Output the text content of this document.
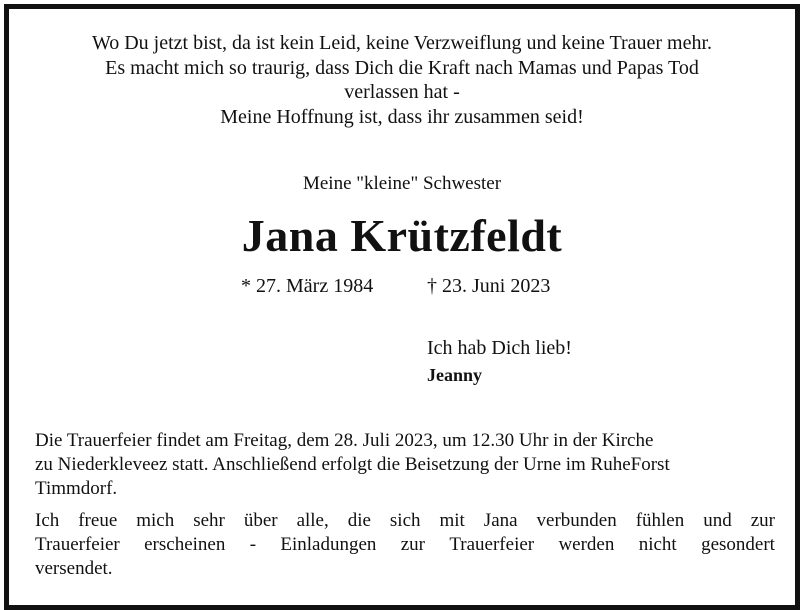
Wo Du jetzt bist, da ist kein Leid, keine Verzweiflung und keine Trauer mehr.
Es macht mich so traurig, dass Dich die Kraft nach Mamas und Papas Tod
verlassen hat -
Meine Hoffnung ist, dass ihr zusammen seid!
Meine "kleine" Schwester
Jana Krützfeldt
* 27. März 1984	† 23. Juni 2023
Ich hab Dich lieb!
Jeanny
Die Trauerfeier findet am Freitag, dem 28. Juli 2023, um 12.30 Uhr in der Kirche
zu Niederkleveez statt. Anschließend erfolgt die Beisetzung der Urne im RuheForst
Timmdorf.
Ich freue mich sehr über alle, die sich mit Jana verbunden fühlen und zur
Trauerfeier erscheinen - Einladungen zur Trauerfeier werden nicht gesondert
versendet.
